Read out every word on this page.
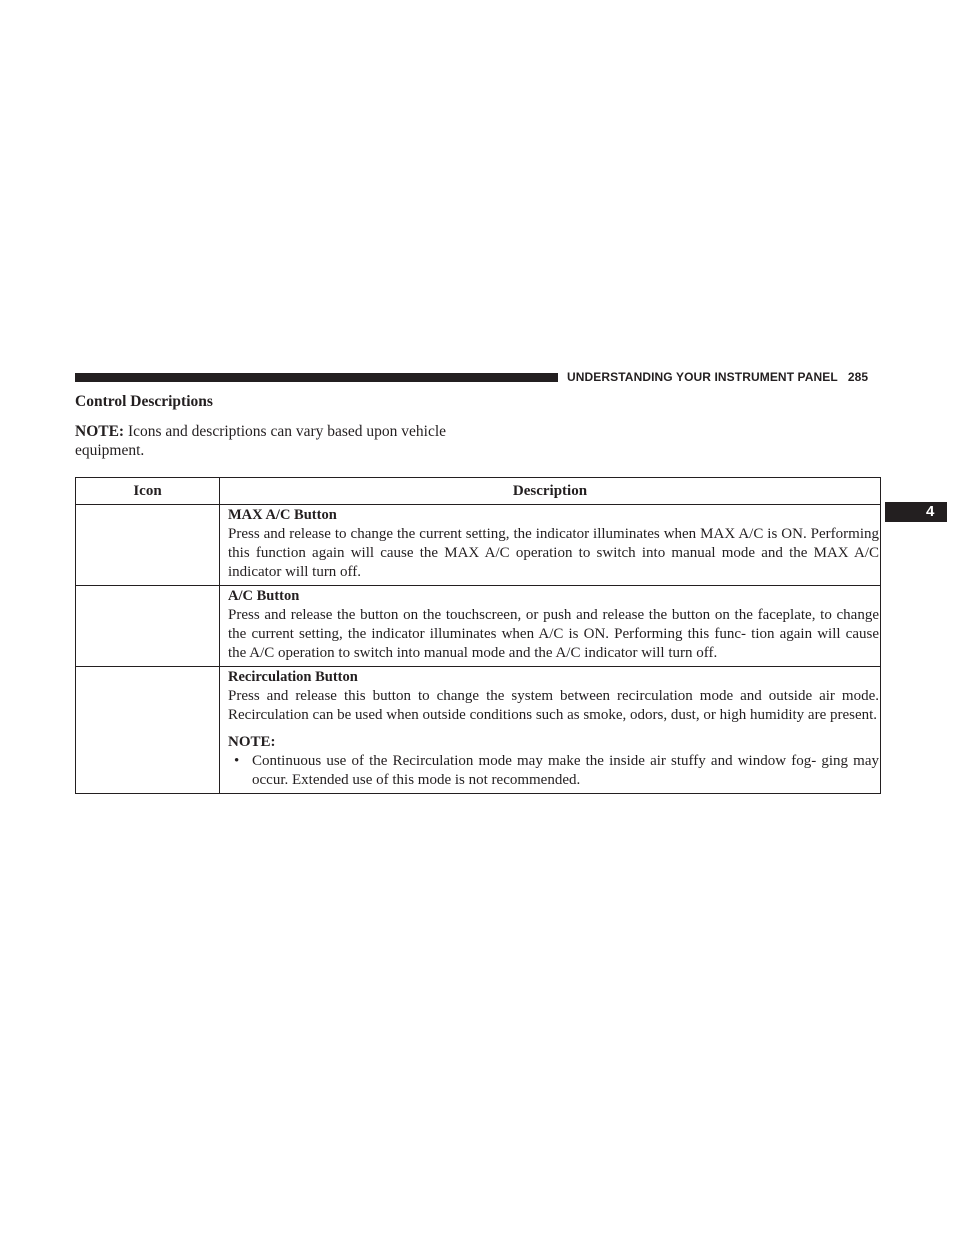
UNDERSTANDING YOUR INSTRUMENT PANEL 285
4
Control Descriptions
NOTE: Icons and descriptions can vary based upon vehicle equipment.
Icon	Description

	MAX A/C Button
Press and release to change the current setting, the indicator illuminates when MAX A/C is ON. Performing this function again will cause the MAX A/C operation to switch into manual mode and the MAX A/C indicator will turn off.

	A/C Button
Press and release the button on the touchscreen, or push and release the button on the faceplate, to change the current setting, the indicator illuminates when A/C is ON. Performing this func- tion again will cause the A/C operation to switch into manual mode and the A/C indicator will turn off.

	Recirculation Button
Press and release this button to change the system between recirculation mode and outside air mode. Recirculation can be used when outside conditions such as smoke, odors, dust, or high humidity are present.
NOTE:
• Continuous use of the Recirculation mode may make the inside air stuffy and window fog- ging may occur. Extended use of this mode is not recommended.
